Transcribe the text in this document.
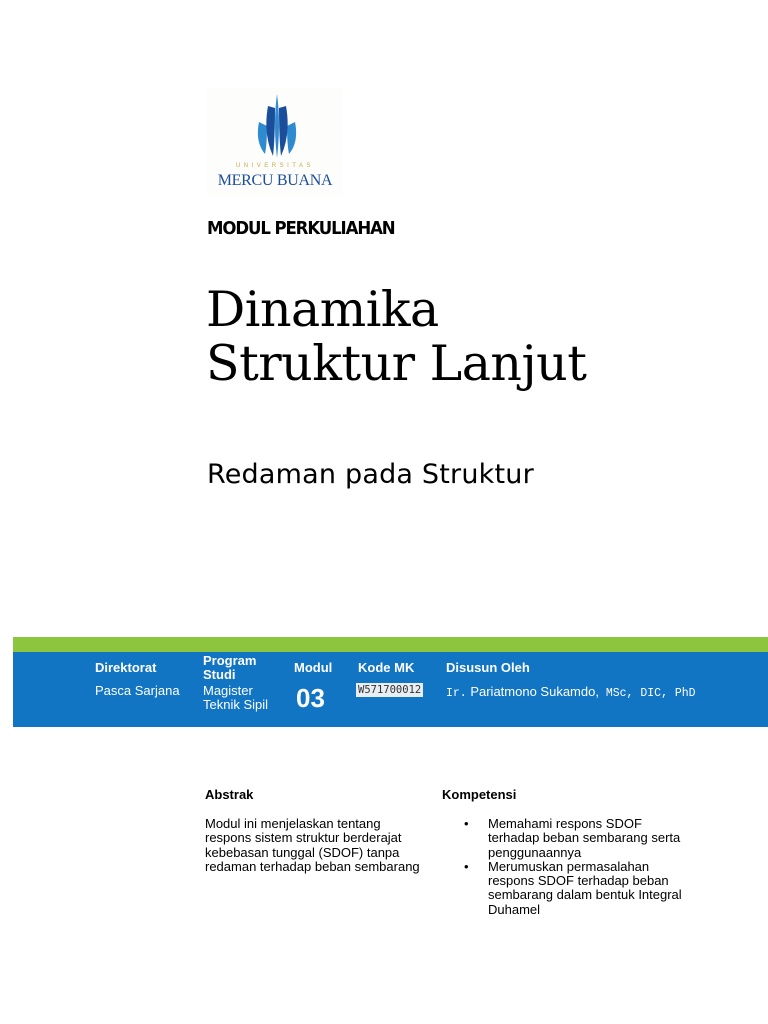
UNIVERSITAS
MERCU BUANA
MODUL PERKULIAHAN
Dinamika
Struktur Lanjut
Redaman pada Struktur
Direktorat
Pasca Sarjana
Program
Studi
Magister
Teknik Sipil
Modul
03
Kode MK
W571700012
Disusun Oleh
Ir. Pariatmono Sukamdo, MSc, DIC, PhD
Abstrak
Modul ini menjelaskan tentang respons sistem struktur berderajat kebebasan tunggal (SDOF) tanpa redaman terhadap beban sembarang
Kompetensi
• Memahami respons SDOF terhadap beban sembarang serta penggunaannya
• Merumuskan permasalahan respons SDOF terhadap beban sembarang dalam bentuk Integral Duhamel
